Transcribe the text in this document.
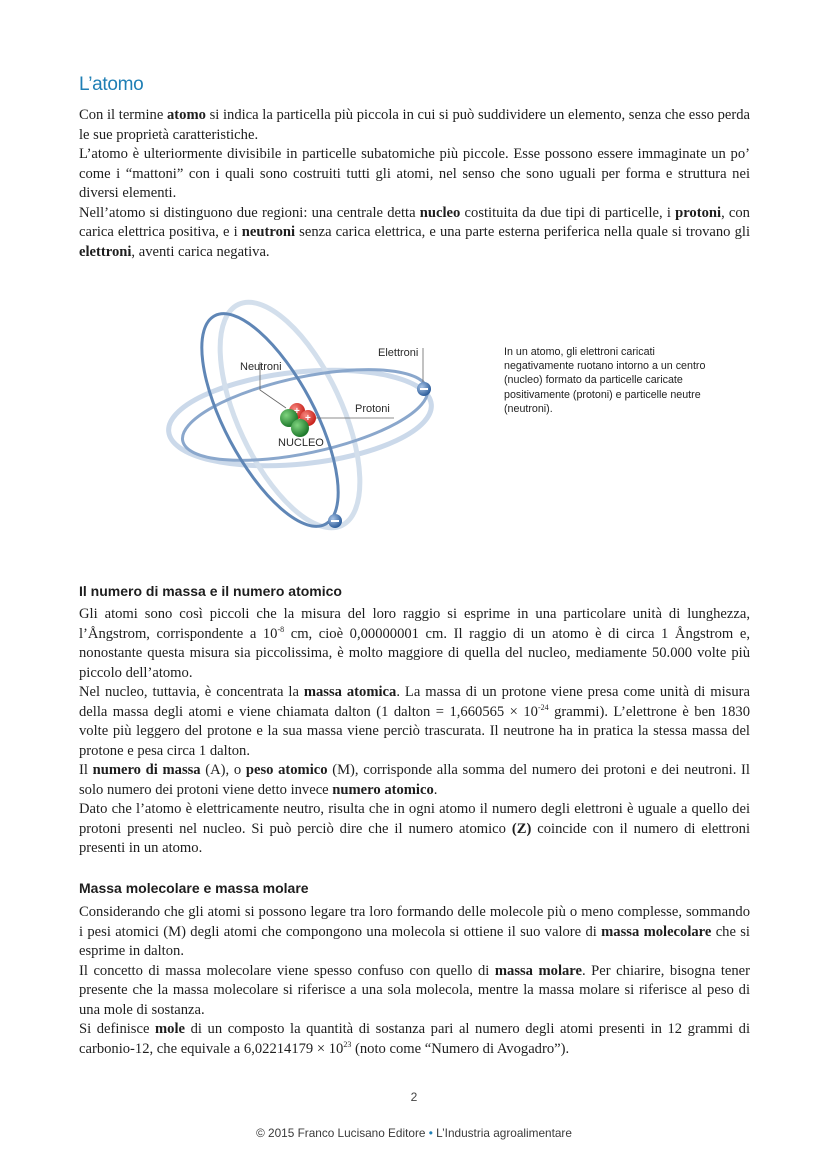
L’atomo

Con il termine atomo si indica la particella più piccola in cui si può suddividere un elemento, senza che esso perda le sue proprietà caratteristiche.

L’atomo è ulteriormente divisibile in particelle subatomiche più piccole. Esse possono essere immaginate un po’ come i “mattoni” con i quali sono costruiti tutti gli atomi, nel senso che sono uguali per forma e struttura nei diversi elementi.

Nell’atomo si distinguono due regioni: una centrale detta nucleo costituita da due tipi di particelle, i protoni, con carica elettrica positiva, e i neutroni senza carica elettrica, e una parte esterna periferica nella quale si trovano gli elettroni, aventi carica negativa.

+
+
Neutroni
Elettroni
Protoni
NUCLEO
In un atomo, gli elettroni caricati negativamente ruotano intorno a un centro (nucleo) formato da particelle caricate positivamente (protoni) e particelle neutre (neutroni).
Il numero di massa e il numero atomico

Gli atomi sono così piccoli che la misura del loro raggio si esprime in una particolare unità di lunghezza, l’Ångstrom, corrispondente a $10^{-8}$ cm, cioè 0,00000001 cm. Il raggio di un atomo è di circa 1 Ångstrom e, nonostante questa misura sia piccolissima, è molto maggiore di quella del nucleo, mediamente 50.000 volte più piccolo dell’atomo.

Nel nucleo, tuttavia, è concentrata la massa atomica. La massa di un protone viene presa come unità di misura della massa degli atomi e viene chiamata dalton (1 dalton = $1,660565 \times 10^{-24}$ grammi). L’elettrone è ben 1830 volte più leggero del protone e la sua massa viene perciò trascurata. Il neutrone ha in pratica la stessa massa del protone e pesa circa 1 dalton.

Il numero di massa (A), o peso atomico (M), corrisponde alla somma del numero dei protoni e dei neutroni. Il solo numero dei protoni viene detto invece numero atomico.

Dato che l’atomo è elettricamente neutro, risulta che in ogni atomo il numero degli elettroni è uguale a quello dei protoni presenti nel nucleo. Si può perciò dire che il numero atomico (Z) coincide con il numero di elettroni presenti in un atomo.

Massa molecolare e massa molare

Considerando che gli atomi si possono legare tra loro formando delle molecole più o meno complesse, sommando i pesi atomici (M) degli atomi che compongono una molecola si ottiene il suo valore di massa molecolare che si esprime in dalton.

Il concetto di massa molecolare viene spesso confuso con quello di massa molare. Per chiarire, bisogna tener presente che la massa molecolare si riferisce a una sola molecola, mentre la massa molare si riferisce al peso di una mole di sostanza.

Si definisce mole di un composto la quantità di sostanza pari al numero degli atomi presenti in 12 grammi di carbonio-12, che equivale a $6,02214179 \times 10^{23}$ (noto come “Numero di Avogadro”).

2
© 2015 Franco Lucisano Editore • L’Industria agroalimentare
